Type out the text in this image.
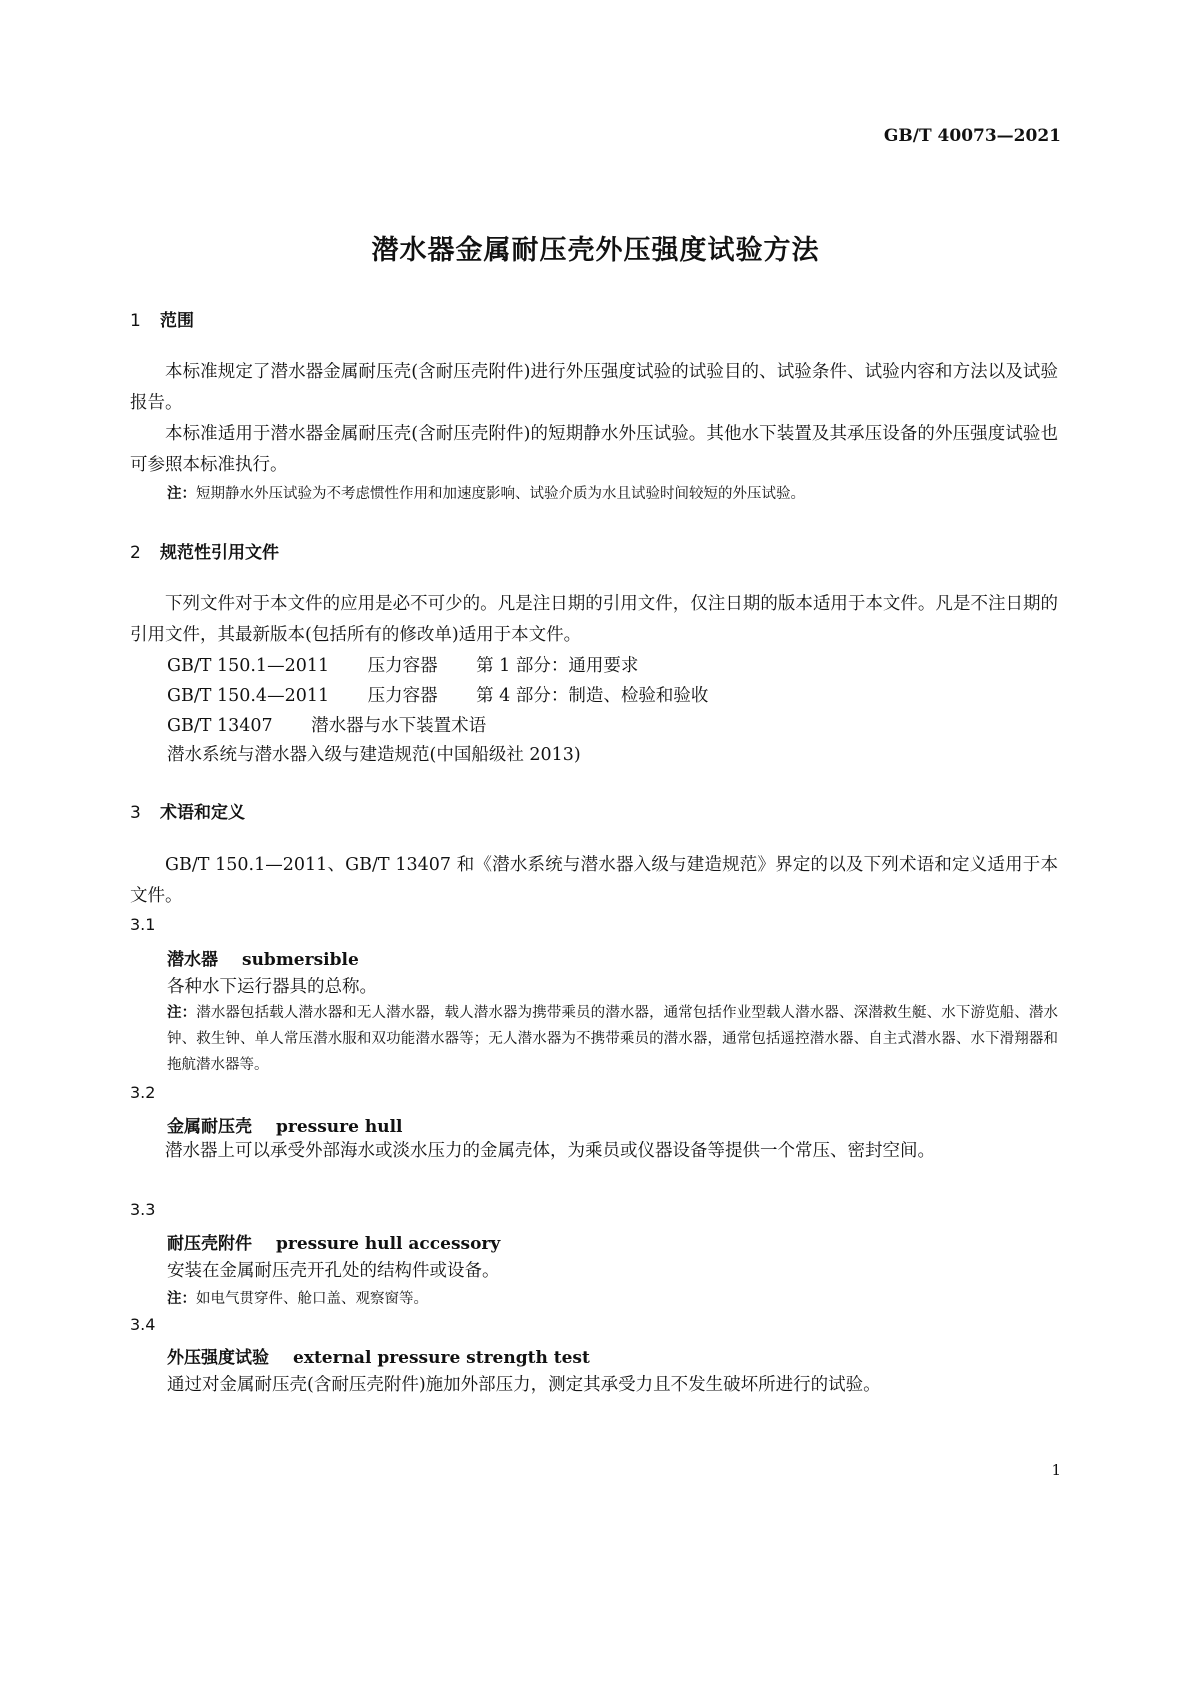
GB/T 40073—2021
潜水器金属耐压壳外压强度试验方法
1 范围
本标准规定了潜水器金属耐压壳(含耐压壳附件)进行外压强度试验的试验目的、试验条件、试验内容和方法以及试验报告。
本标准适用于潜水器金属耐压壳(含耐压壳附件)的短期静水外压试验。其他水下装置及其承压设备的外压强度试验也可参照本标准执行。
注：短期静水外压试验为不考虑惯性作用和加速度影响、试验介质为水且试验时间较短的外压试验。
2 规范性引用文件
下列文件对于本文件的应用是必不可少的。凡是注日期的引用文件，仅注日期的版本适用于本文件。凡是不注日期的引用文件，其最新版本(包括所有的修改单)适用于本文件。
GB/T 150.1—2011 压力容器 第 1 部分：通用要求
GB/T 150.4—2011 压力容器 第 4 部分：制造、检验和验收
GB/T 13407 潜水器与水下装置术语
潜水系统与潜水器入级与建造规范(中国船级社 2013)
3 术语和定义
GB/T 150.1—2011、GB/T 13407 和《潜水系统与潜水器入级与建造规范》界定的以及下列术语和定义适用于本文件。
3.1
潜水器 submersible
各种水下运行器具的总称。
注：潜水器包括载人潜水器和无人潜水器，载人潜水器为携带乘员的潜水器，通常包括作业型载人潜水器、深潜救生艇、水下游览船、潜水钟、救生钟、单人常压潜水服和双功能潜水器等；无人潜水器为不携带乘员的潜水器，通常包括遥控潜水器、自主式潜水器、水下滑翔器和拖航潜水器等。
3.2
金属耐压壳 pressure hull
潜水器上可以承受外部海水或淡水压力的金属壳体，为乘员或仪器设备等提供一个常压、密封空间。
3.3
耐压壳附件 pressure hull accessory
安装在金属耐压壳开孔处的结构件或设备。
注：如电气贯穿件、舱口盖、观察窗等。
3.4
外压强度试验 external pressure strength test
通过对金属耐压壳(含耐压壳附件)施加外部压力，测定其承受力且不发生破坏所进行的试验。
1
